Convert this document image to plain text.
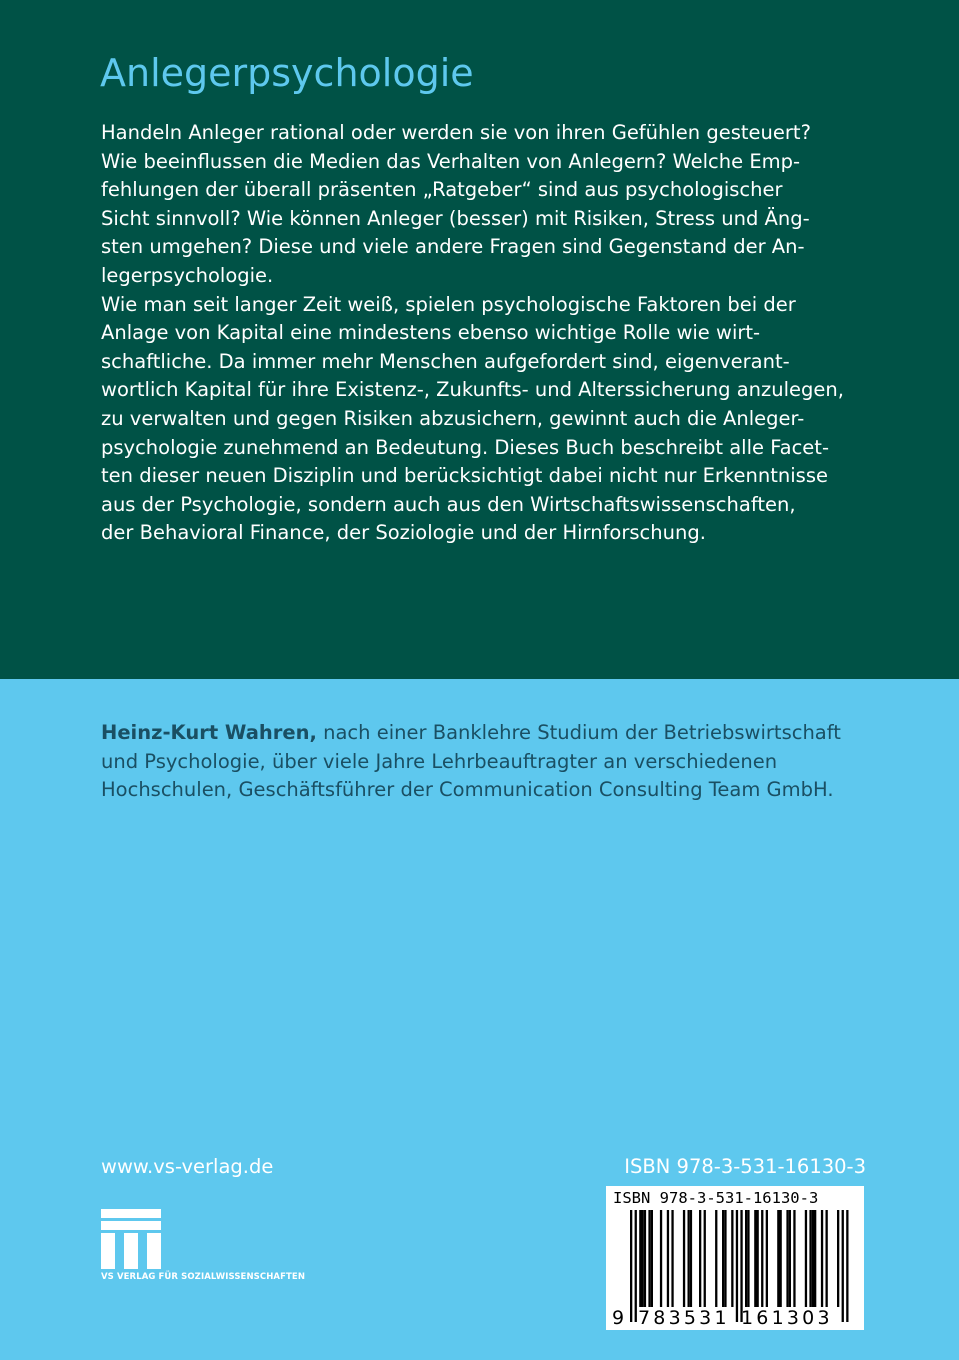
Anlegerpsychologie
Handeln Anleger rational oder werden sie von ihren Gefühlen gesteuert?
Wie beeinflussen die Medien das Verhalten von Anlegern? Welche Emp-
fehlungen der überall präsenten „Ratgeber“ sind aus psychologischer
Sicht sinnvoll? Wie können Anleger (besser) mit Risiken, Stress und Äng-
sten umgehen? Diese und viele andere Fragen sind Gegenstand der An-
legerpsychologie.
Wie man seit langer Zeit weiß, spielen psychologische Faktoren bei der
Anlage von Kapital eine mindestens ebenso wichtige Rolle wie wirt-
schaftliche. Da immer mehr Menschen aufgefordert sind, eigenverant-
wortlich Kapital für ihre Existenz-, Zukunfts- und Alterssicherung anzulegen,
zu verwalten und gegen Risiken abzusichern, gewinnt auch die Anleger-
psychologie zunehmend an Bedeutung. Dieses Buch beschreibt alle Facet-
ten dieser neuen Disziplin und berücksichtigt dabei nicht nur Erkenntnisse
aus der Psychologie, sondern auch aus den Wirtschaftswissenschaften,
der Behavioral Finance, der Soziologie und der Hirnforschung.
Heinz-Kurt Wahren, nach einer Banklehre Studium der Betriebswirtschaft
und Psychologie, über viele Jahre Lehrbeauftragter an verschiedenen
Hochschulen, Geschäftsführer der Communication Consulting Team GmbH.
www.vs-verlag.de	ISBN 978-3-531-16130-3
VS VERLAG FÜR SOZIALWISSENSCHAFTEN
ISBN 978-3-531-16130-3
9 783531 161303
